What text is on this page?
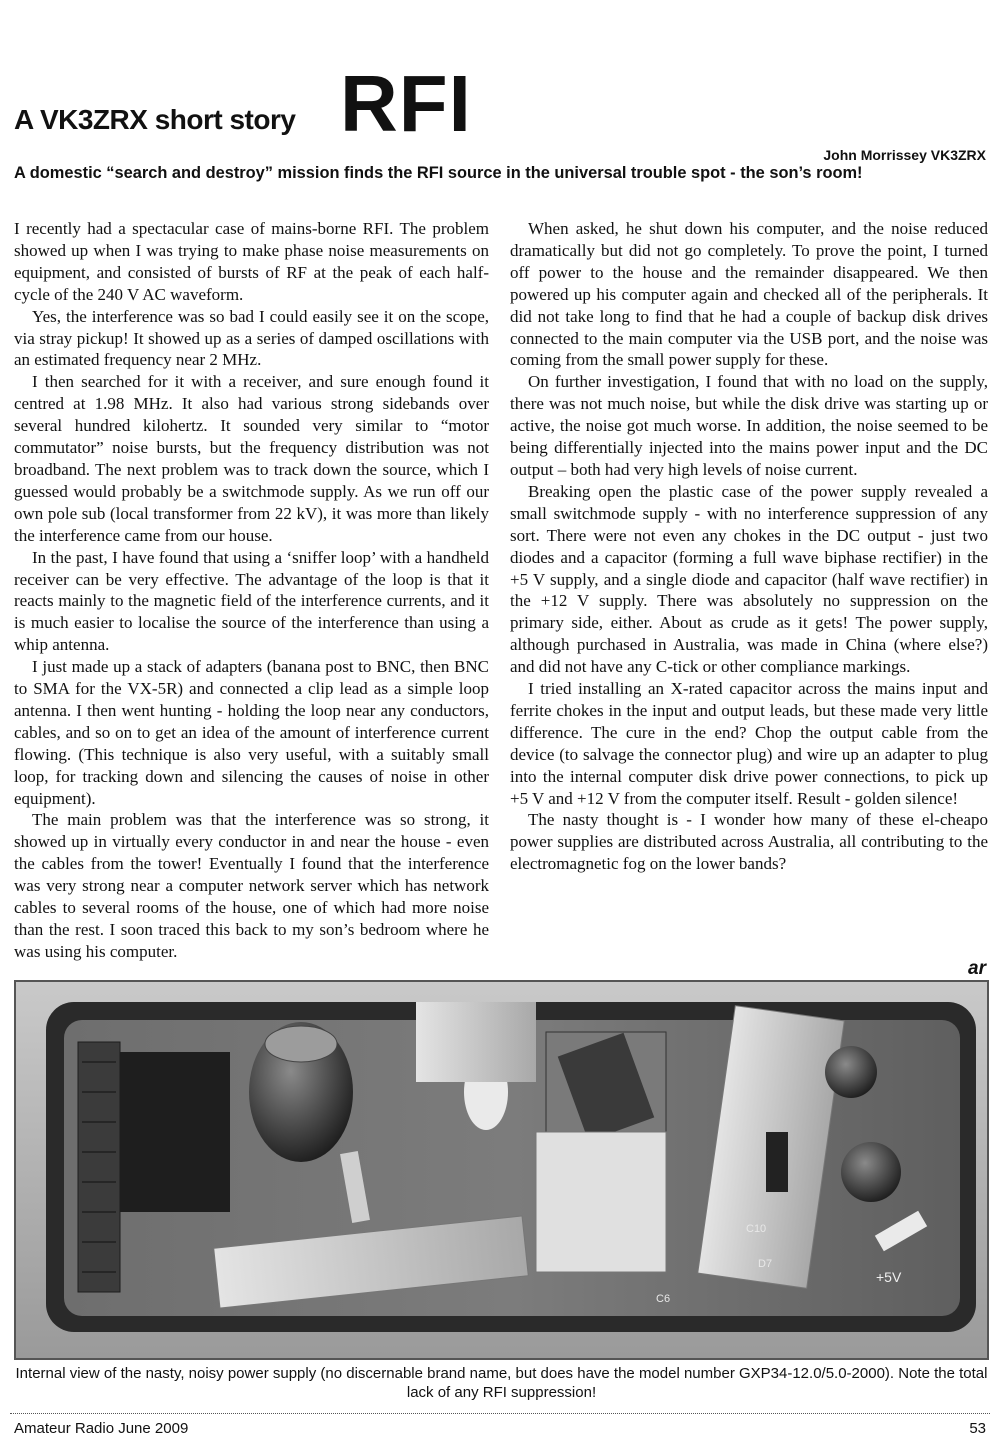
A VK3ZRX short story RFI
John Morrissey VK3ZRX
A domestic “search and destroy” mission finds the RFI source in the universal trouble spot - the son’s room!

I recently had a spectacular case of mains-borne RFI. The problem showed up when I was trying to make phase noise measurements on equipment, and consisted of bursts of RF at the peak of each half-cycle of the 240 V AC waveform.

Yes, the interference was so bad I could easily see it on the scope, via stray pickup! It showed up as a series of damped oscillations with an estimated frequency near 2 MHz.

I then searched for it with a receiver, and sure enough found it centred at 1.98 MHz. It also had various strong sidebands over several hundred kilohertz. It sounded very similar to “motor commutator” noise bursts, but the frequency distribution was not broadband. The next problem was to track down the source, which I guessed would probably be a switchmode supply. As we run off our own pole sub (local transformer from 22 kV), it was more than likely the interference came from our house.

In the past, I have found that using a ‘sniffer loop’ with a handheld receiver can be very effective. The advantage of the loop is that it reacts mainly to the magnetic field of the interference currents, and it is much easier to localise the source of the interference than using a whip antenna.

I just made up a stack of adapters (banana post to BNC, then BNC to SMA for the VX-5R) and connected a clip lead as a simple loop antenna. I then went hunting - holding the loop near any conductors, cables, and so on to get an idea of the amount of interference current flowing. (This technique is also very useful, with a suitably small loop, for tracking down and silencing the causes of noise in other equipment).

The main problem was that the interference was so strong, it showed up in virtually every conductor in and near the house - even the cables from the tower! Eventually I found that the interference was very strong near a computer network server which has network cables to several rooms of the house, one of which had more noise than the rest. I soon traced this back to my son’s bedroom where he was using his computer.

When asked, he shut down his computer, and the noise reduced dramatically but did not go completely. To prove the point, I turned off power to the house and the remainder disappeared. We then powered up his computer again and checked all of the peripherals. It did not take long to find that he had a couple of backup disk drives connected to the main computer via the USB port, and the noise was coming from the small power supply for these.

On further investigation, I found that with no load on the supply, there was not much noise, but while the disk drive was starting up or active, the noise got much worse. In addition, the noise seemed to be being differentially injected into the mains power input and the DC output – both had very high levels of noise current.

Breaking open the plastic case of the power supply revealed a small switchmode supply - with no interference suppression of any sort. There were not even any chokes in the DC output - just two diodes and a capacitor (forming a full wave biphase rectifier) in the +5 V supply, and a single diode and capacitor (half wave rectifier) in the +12 V supply. There was absolutely no suppression on the primary side, either. About as crude as it gets! The power supply, although purchased in Australia, was made in China (where else?) and did not have any C-tick or other compliance markings.

I tried installing an X-rated capacitor across the mains input and ferrite chokes in the input and output leads, but these made very little difference. The cure in the end? Chop the output cable from the device (to salvage the connector plug) and wire up an adapter to plug into the internal computer disk drive power connections, to pick up +5 V and +12 V from the computer itself. Result - golden silence!

The nasty thought is - I wonder how many of these el-cheapo power supplies are distributed across Australia, all contributing to the electromagnetic fog on the lower bands?

ar
C10
D7
C6
+5V
Internal view of the nasty, noisy power supply (no discernable brand name, but does have the model number GXP34-12.0/5.0-2000). Note the total lack of any RFI suppression!
Amateur Radio June 2009	53
